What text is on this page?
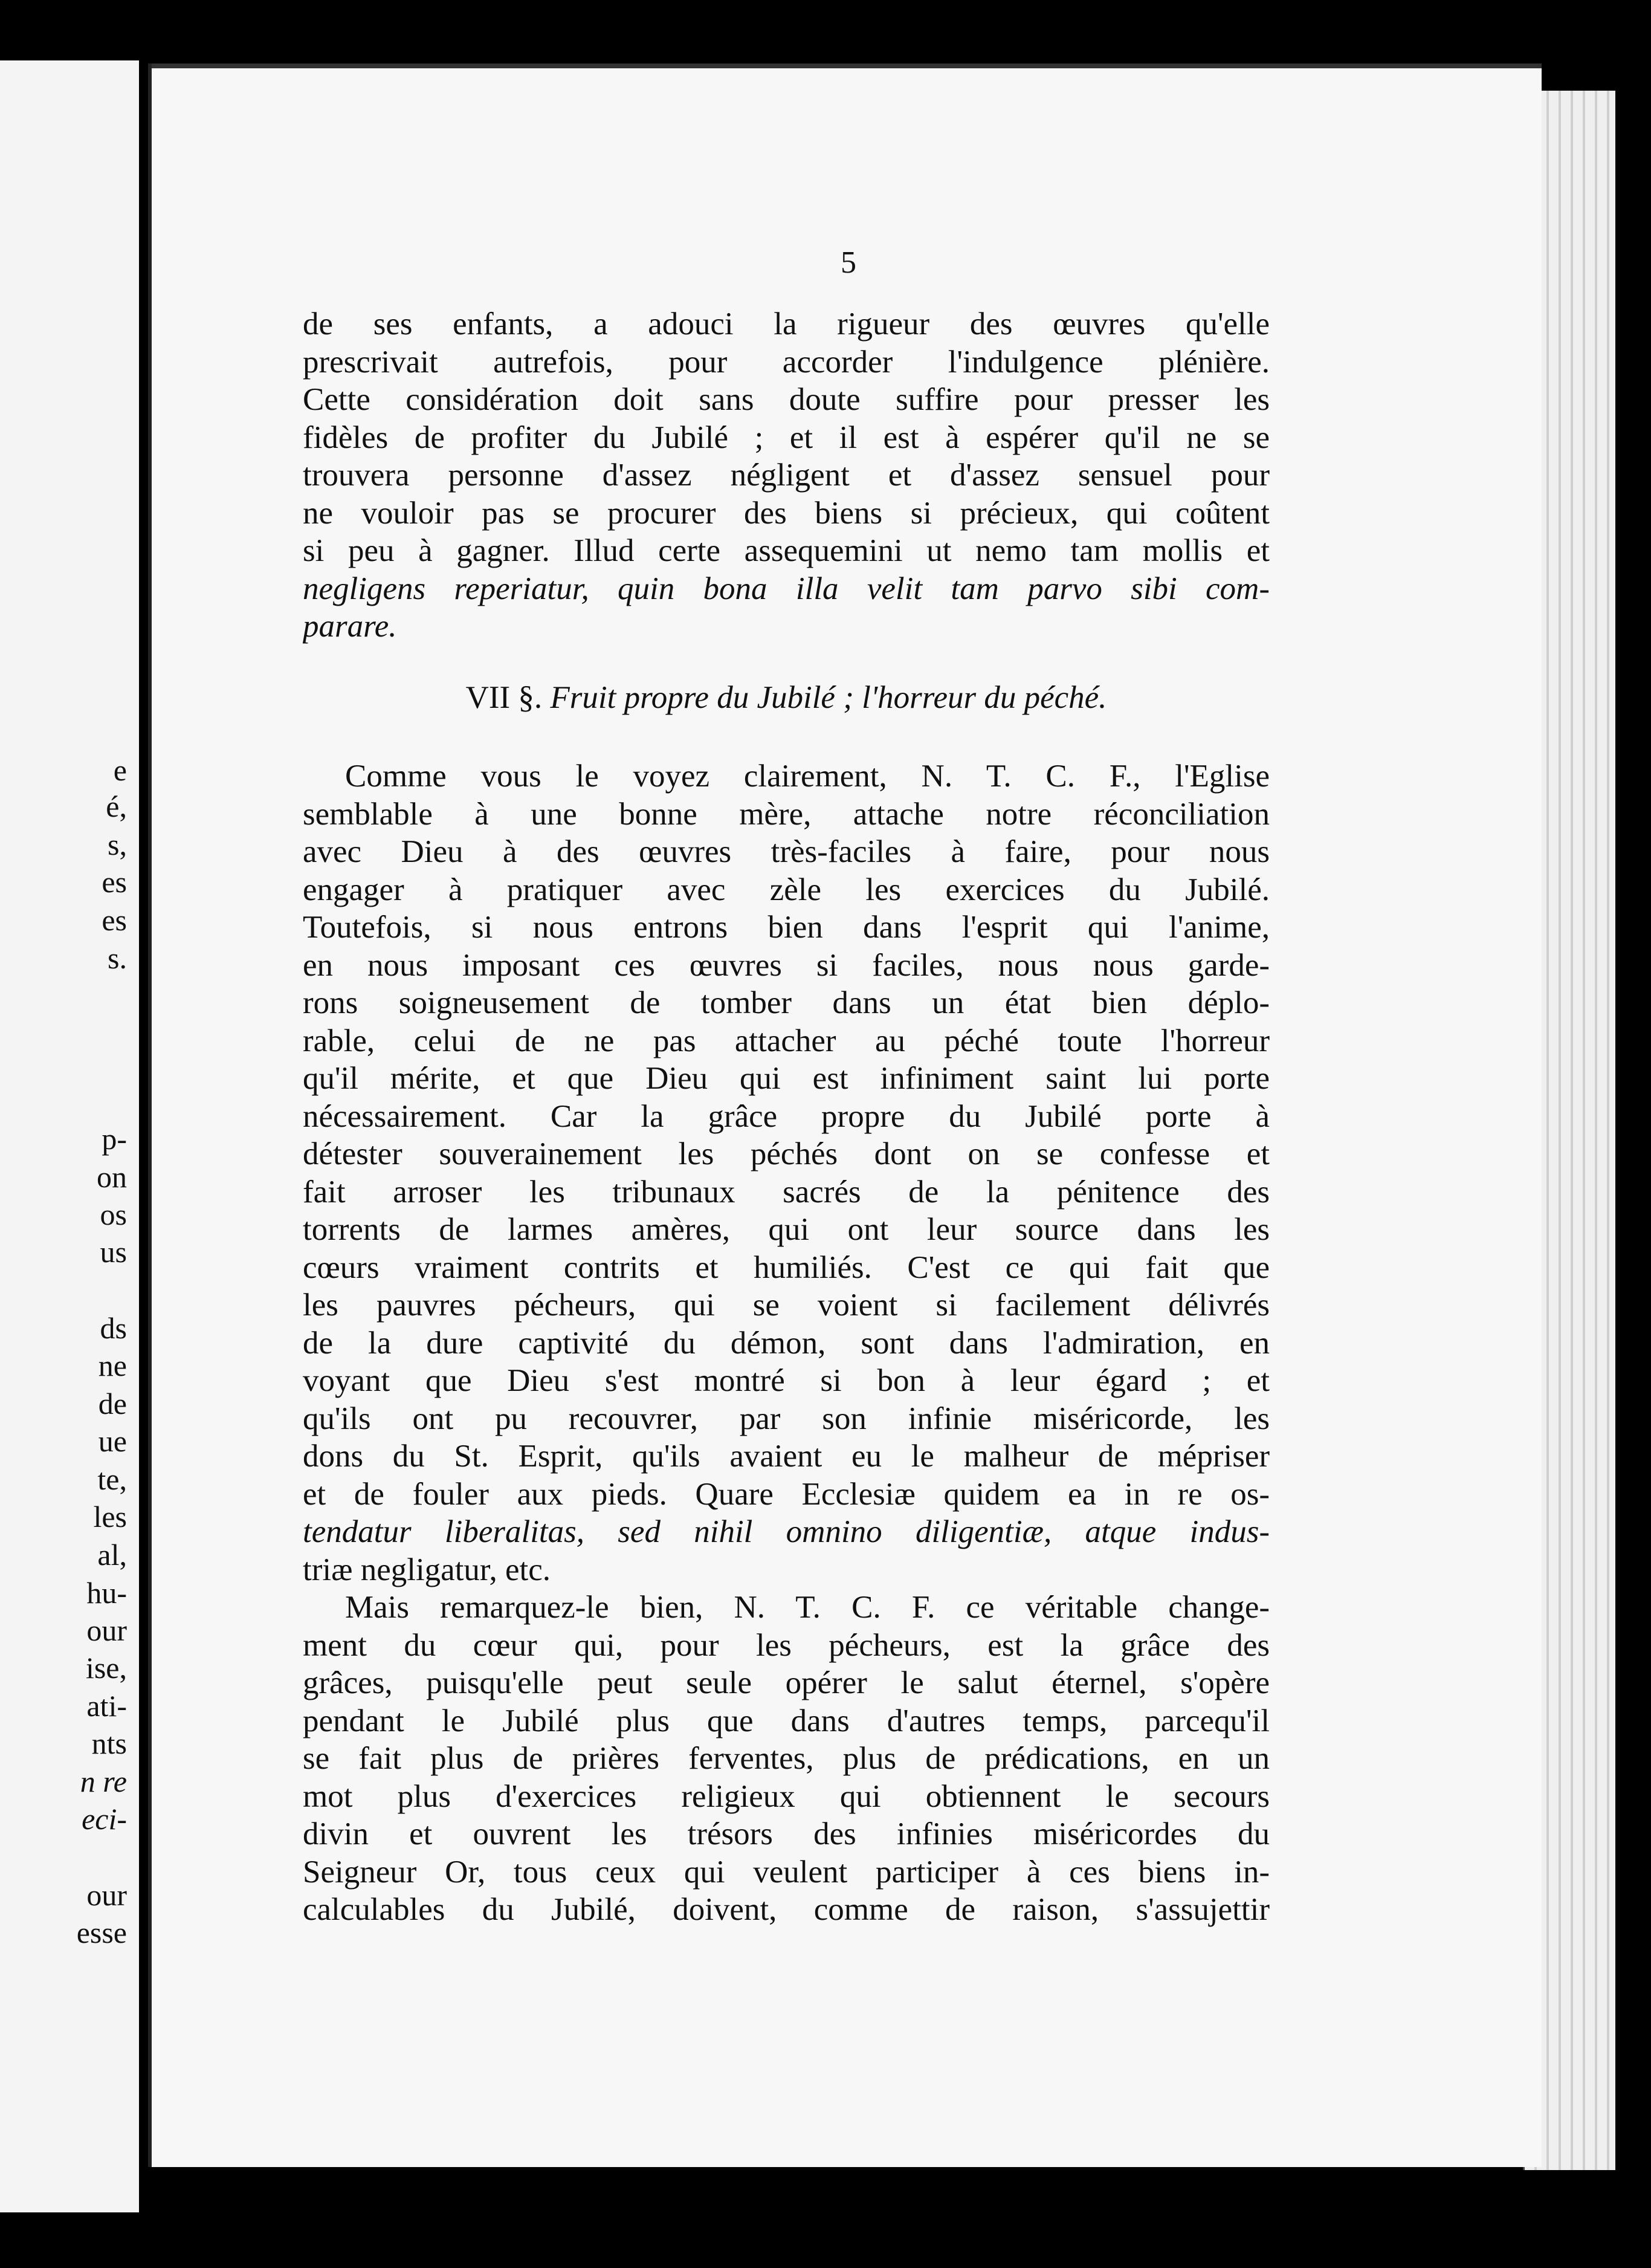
e
é,
s,
es
es
s.
p-
on
os
us
ds
ne
de
ue
te,
les
al,
hu-
our
ise,
ati-
nts
n re
eci-
our
esse
5
de ses enfants, a adouci la rigueur des œuvres qu'elle
prescrivait autrefois, pour accorder l'indulgence plénière.
Cette considération doit sans doute suffire pour presser les
fidèles de profiter du Jubilé ; et il est à espérer qu'il ne se
trouvera personne d'assez négligent et d'assez sensuel pour
ne vouloir pas se procurer des biens si précieux, qui coûtent
si peu à gagner. Illud certe assequemini ut nemo tam mollis et
negligens reperiatur, quin bona illa velit tam parvo sibi com-
parare.
VII §. Fruit propre du Jubilé ; l'horreur du péché.
Comme vous le voyez clairement, N. T. C. F., l'Eglise
semblable à une bonne mère, attache notre réconciliation
avec Dieu à des œuvres très-faciles à faire, pour nous
engager à pratiquer avec zèle les exercices du Jubilé.
Toutefois, si nous entrons bien dans l'esprit qui l'anime,
en nous imposant ces œuvres si faciles, nous nous garde-
rons soigneusement de tomber dans un état bien déplo-
rable, celui de ne pas attacher au péché toute l'horreur
qu'il mérite, et que Dieu qui est infiniment saint lui porte
nécessairement. Car la grâce propre du Jubilé porte à
détester souverainement les péchés dont on se confesse et
fait arroser les tribunaux sacrés de la pénitence des
torrents de larmes amères, qui ont leur source dans les
cœurs vraiment contrits et humiliés. C'est ce qui fait que
les pauvres pécheurs, qui se voient si facilement délivrés
de la dure captivité du démon, sont dans l'admiration, en
voyant que Dieu s'est montré si bon à leur égard ; et
qu'ils ont pu recouvrer, par son infinie miséricorde, les
dons du St. Esprit, qu'ils avaient eu le malheur de mépriser
et de fouler aux pieds. Quare Ecclesiæ quidem ea in re os-
tendatur liberalitas, sed nihil omnino diligentiæ, atque indus-
triæ negligatur, etc.
Mais remarquez-le bien, N. T. C. F. ce véritable change-
ment du cœur qui, pour les pécheurs, est la grâce des
grâces, puisqu'elle peut seule opérer le salut éternel, s'opère
pendant le Jubilé plus que dans d'autres temps, parcequ'il
se fait plus de prières ferventes, plus de prédications, en un
mot plus d'exercices religieux qui obtiennent le secours
divin et ouvrent les trésors des infinies miséricordes du
Seigneur Or, tous ceux qui veulent participer à ces biens in-
calculables du Jubilé, doivent, comme de raison, s'assujettir
